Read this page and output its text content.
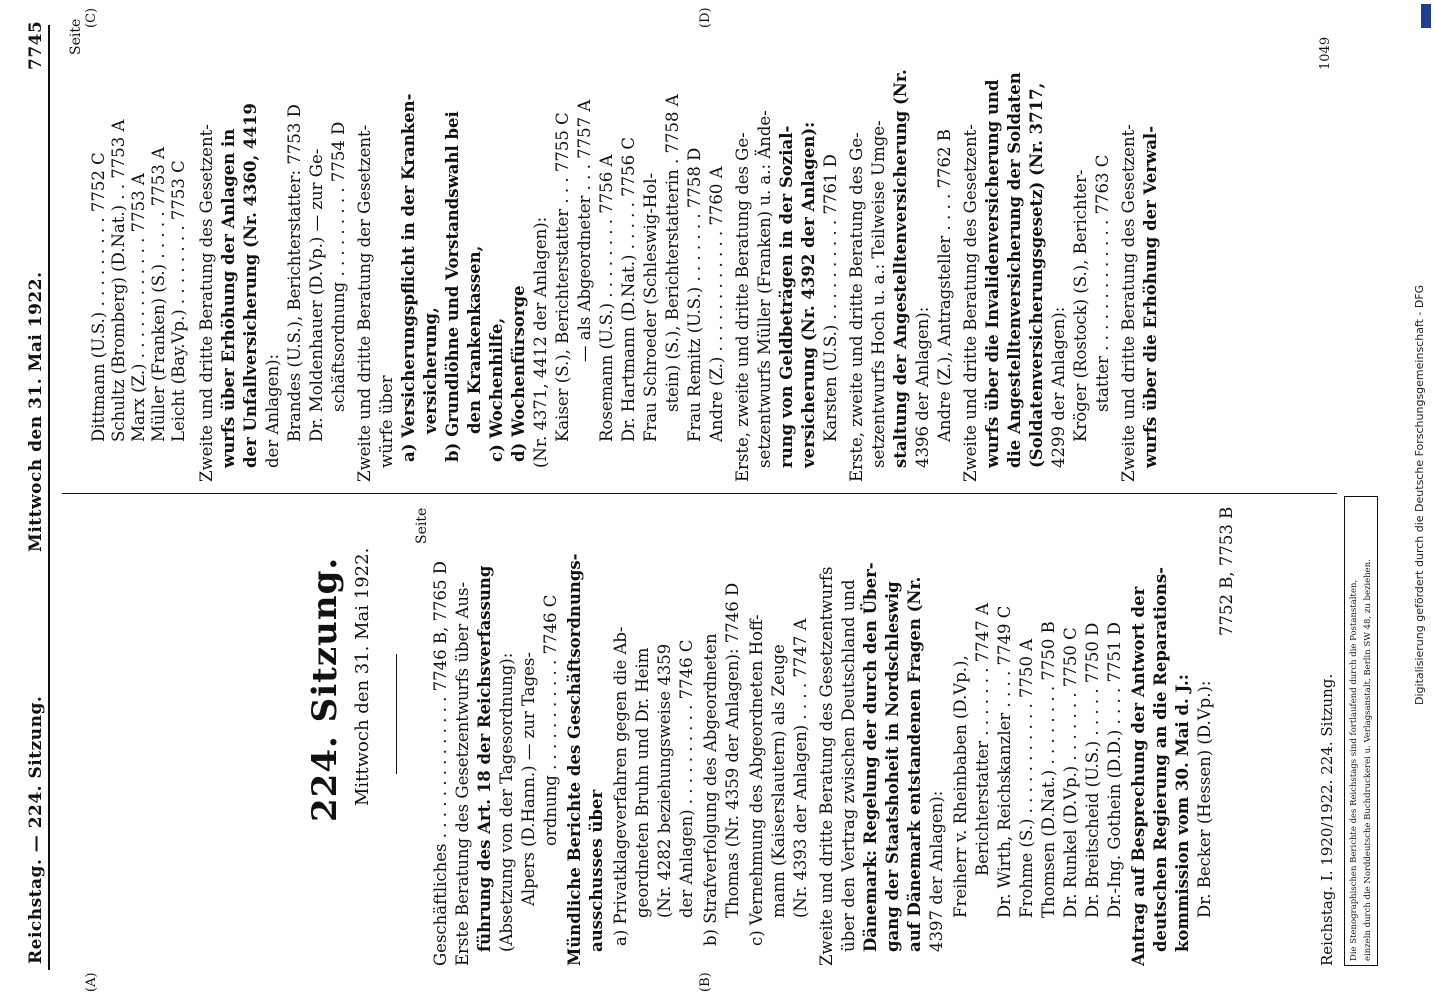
Reichstag. — 224. Sitzung.
Mittwoch den 31. Mai 1922.
7745
(A)	(B)
(C)	(D)
224. Sitzung. Mittwoch den 31. Mai 1922.
Seite
Seite
Geschäftliches . . . . . . . . . . . . . . 7746 B, 7765 D Erste Beratung des Gesetzentwurfs über Aus- führung des Art. 18 der Reichsverfassung (Absetzung von der Tagesordnung): Alpers (D.Hann.) — zur Tages- ordnung . . . . . . . . . . . 7746 C Mündliche Berichte des Geschäftsordnungs- ausschusses über a) Privatklageverfahren gegen die Ab- geordneten Bruhn und Dr. Heim (Nr. 4282 beziehungsweise 4359 der Anlagen) . . . . . . . . . . 7746 C b) Strafverfolgung des Abgeordneten Thomas (Nr. 4359 der Anlagen): 7746 D c) Vernehmung des Abgeordneten Hoff- mann (Kaiserslautern) als Zeuge (Nr. 4393 der Anlagen) . . . . 7747 A Zweite und dritte Beratung des Gesetzentwurfs über den Vertrag zwischen Deutschland und Dänemark: Regelung der durch den Über- gang der Staatshoheit in Nordschleswig auf Dänemark entstandenen Fragen (Nr. 4397 der Anlagen): Freiherr v. Rheinbaben (D.Vp.), Berichterstatter . . . . . . . 7747 A Dr. Wirth, Reichskanzler . . . . 7749 C Frohme (S.) . . . . . . . . . . . 7750 A Thomsen (D.Nat.) . . . . . . . . 7750 B Dr. Runkel (D.Vp.) . . . . . . . 7750 C Dr. Breitscheid (U.S.) . . . . . 7750 D Dr.-Ing. Gothein (D.D.) . . . . 7751 D Antrag auf Besprechung der Antwort der deutschen Regierung an die Reparations- kommission vom 30. Mai d. J.: Dr. Becker (Hessen) (D.Vp.):
7752 B, 7753 B
Dittmann (U.S.) . . . . . . . . . 7752 C Schultz (Bromberg) (D.Nat.) . . 7753 A Marx (Z.) . . . . . . . . . . . . 7753 A Müller (Franken) (S.) . . . . . 7753 A Leicht (Bay.Vp.) . . . . . . . . 7753 C Zweite und dritte Beratung des Gesetzent- wurfs über Erhöhung der Anlagen in der Unfallversicherung (Nr. 4360, 4419 der Anlagen): Brandes (U.S.), Berichterstatter: 7753 D Dr. Moldenhauer (D.Vp.) — zur Ge- schäftsordnung . . . . . . . . . 7754 D Zweite und dritte Beratung der Gesetzent- würfe über a) Versicherungspflicht in der Kranken- versicherung, b) Grundlöhne und Vorstandswahl bei den Krankenkassen, c) Wochenhilfe, d) Wochenfürsorge (Nr. 4371, 4412 der Anlagen): Kaiser (S.), Berichterstatter . . . 7755 C — als Abgeordneter . . . 7757 A Rosemann (U.S.) . . . . . . . . 7756 A Dr. Hartmann (D.Nat.) . . . . . 7756 C Frau Schroeder (Schleswig-Hol- stein) (S.), Berichterstatterin . 7758 A Frau Remitz (U.S.) . . . . . . . 7758 D Andre (Z.) . . . . . . . . . . . . 7760 A Erste, zweite und dritte Beratung des Ge- setzentwurfs Müller (Franken) u. a.: Ände- rung von Geldbeträgen in der Sozial- versicherung (Nr. 4392 der Anlagen): Karsten (U.S.) . . . . . . . . . . 7761 D Erste, zweite und dritte Beratung des Ge- setzentwurfs Hoch u. a.: Teilweise Umge- staltung der Angestelltenversicherung (Nr. 4396 der Anlagen): Andre (Z.), Antragsteller . . . . 7762 B Zweite und dritte Beratung des Gesetzent- wurfs über die Invalidenversicherung und die Angestelltenversicherung der Soldaten (Soldatenversicherungsgesetz) (Nr. 3717, 4299 der Anlagen): Kröger (Rostock) (S.), Berichter- statter . . . . . . . . . . . . . 7763 C Zweite und dritte Beratung des Gesetzent- wurfs über die Erhöhung der Verwal-
Reichstag. I. 1920/1922. 224. Sitzung.
1049
Die Stenographischen Berichte des Reichstags sind fortlaufend durch die Postanstalten, einzeln durch die Norddeutsche Buchdruckerei u. Verlagsanstalt, Berlin SW 48, zu beziehen.
Digitalisierung gefördert durch die Deutsche Forschungsgemeinschaft - DFG
